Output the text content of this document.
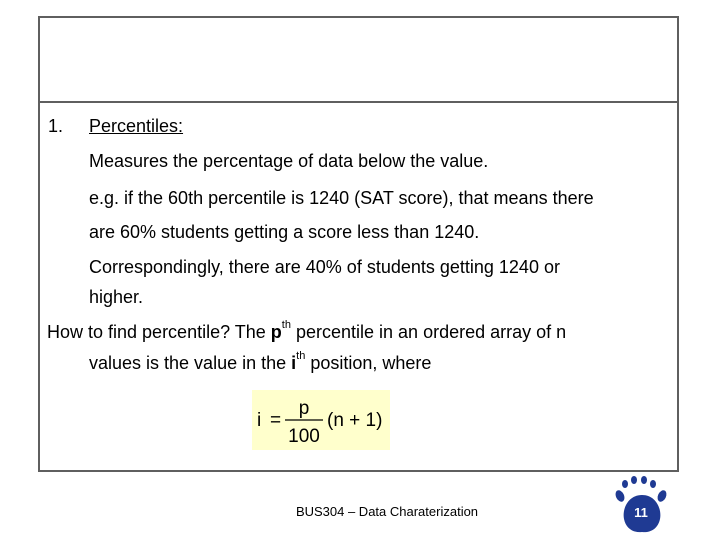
1. Percentiles:
Measures the percentage of data below the value.
e.g. if the 60th percentile is 1240 (SAT score), that means there
are 60% students getting a score less than 1240.
Correspondingly, there are 40% of students getting 1240 or
higher.
How to find percentile? The $p^{th}$ percentile in an ordered array of n
values is the value in the $i^{th}$ position, where
i =
p
100
(n + 1)
BUS304 – Data Charaterization	11
